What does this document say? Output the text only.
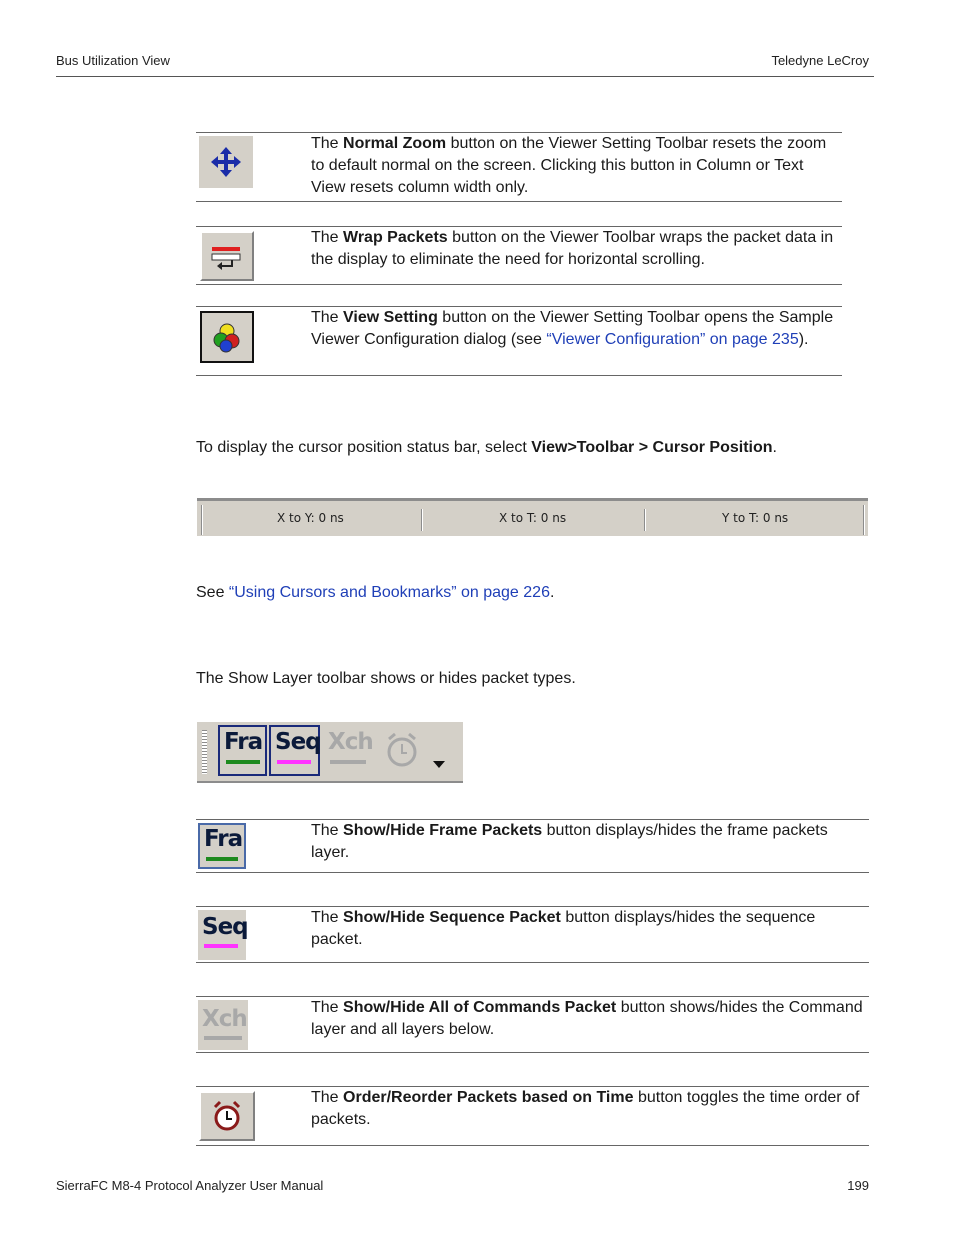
Bus Utilization View	Teledyne LeCroy
The Normal Zoom button on the Viewer Setting Toolbar resets the zoom to default normal on the screen. Clicking this button in Column or Text View resets column width only.
The Wrap Packets button on the Viewer Toolbar wraps the packet data in the display to eliminate the need for horizontal scrolling.
The View Setting button on the Viewer Setting Toolbar opens the Sample Viewer Configuration dialog (see “Viewer Configuration” on page 235).
To display the cursor position status bar, select View>Toolbar > Cursor Position.
X to Y: 0 ns	X to T: 0 ns	Y to T: 0 ns
See “Using Cursors and Bookmarks” on page 226.
The Show Layer toolbar shows or hides packet types.
Fra Seq Xch
Fra	The Show/Hide Frame Packets button displays/hides the frame packets layer.
Seq	The Show/Hide Sequence Packet button displays/hides the sequence packet.
Xch	The Show/Hide All of Commands Packet button shows/hides the Command layer and all layers below.
The Order/Reorder Packets based on Time button toggles the time order of packets.
SierraFC M8-4 Protocol Analyzer User Manual	199
